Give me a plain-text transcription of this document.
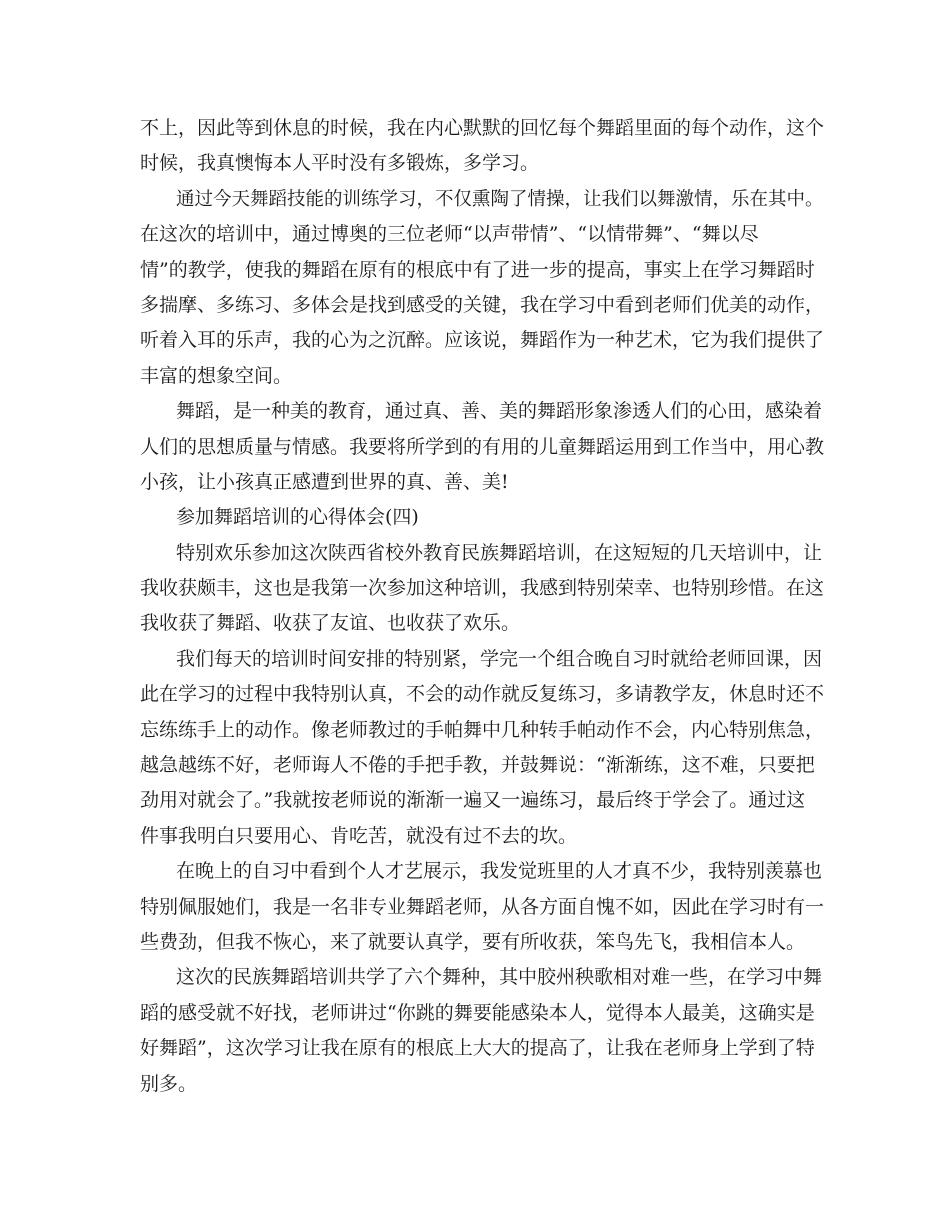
不上，因此等到休息的时候，我在内心默默的回忆每个舞蹈里面的每个动作，这个
时候，我真懊悔本人平时没有多锻炼，多学习。
通过今天舞蹈技能的训练学习，不仅熏陶了情操，让我们以舞激情，乐在其中。
在这次的培训中，通过博奥的三位老师“以声带情”、“以情带舞”、“舞以尽
情”的教学，使我的舞蹈在原有的根底中有了进一步的提高，事实上在学习舞蹈时
多揣摩、多练习、多体会是找到感受的关键，我在学习中看到老师们优美的动作，
听着入耳的乐声，我的心为之沉醉。应该说，舞蹈作为一种艺术，它为我们提供了
丰富的想象空间。
舞蹈，是一种美的教育，通过真、善、美的舞蹈形象渗透人们的心田，感染着
人们的思想质量与情感。我要将所学到的有用的儿童舞蹈运用到工作当中，用心教
小孩，让小孩真正感遭到世界的真、善、美!
参加舞蹈培训的心得体会(四)
特别欢乐参加这次陕西省校外教育民族舞蹈培训，在这短短的几天培训中，让
我收获颇丰，这也是我第一次参加这种培训，我感到特别荣幸、也特别珍惜。在这
我收获了舞蹈、收获了友谊、也收获了欢乐。
我们每天的培训时间安排的特别紧，学完一个组合晚自习时就给老师回课，因
此在学习的过程中我特别认真，不会的动作就反复练习，多请教学友，休息时还不
忘练练手上的动作。像老师教过的手帕舞中几种转手帕动作不会，内心特别焦急，
越急越练不好，老师诲人不倦的手把手教，并鼓舞说：“渐渐练，这不难，只要把
劲用对就会了。”我就按老师说的渐渐一遍又一遍练习，最后终于学会了。通过这
件事我明白只要用心、肯吃苦，就没有过不去的坎。
在晚上的自习中看到个人才艺展示，我发觉班里的人才真不少，我特别羡慕也
特别佩服她们，我是一名非专业舞蹈老师，从各方面自愧不如，因此在学习时有一
些费劲，但我不恢心，来了就要认真学，要有所收获，笨鸟先飞，我相信本人。
这次的民族舞蹈培训共学了六个舞种，其中胶州秧歌相对难一些，在学习中舞
蹈的感受就不好找，老师讲过“你跳的舞要能感染本人，觉得本人最美，这确实是
好舞蹈”，这次学习让我在原有的根底上大大的提高了，让我在老师身上学到了特
别多。
